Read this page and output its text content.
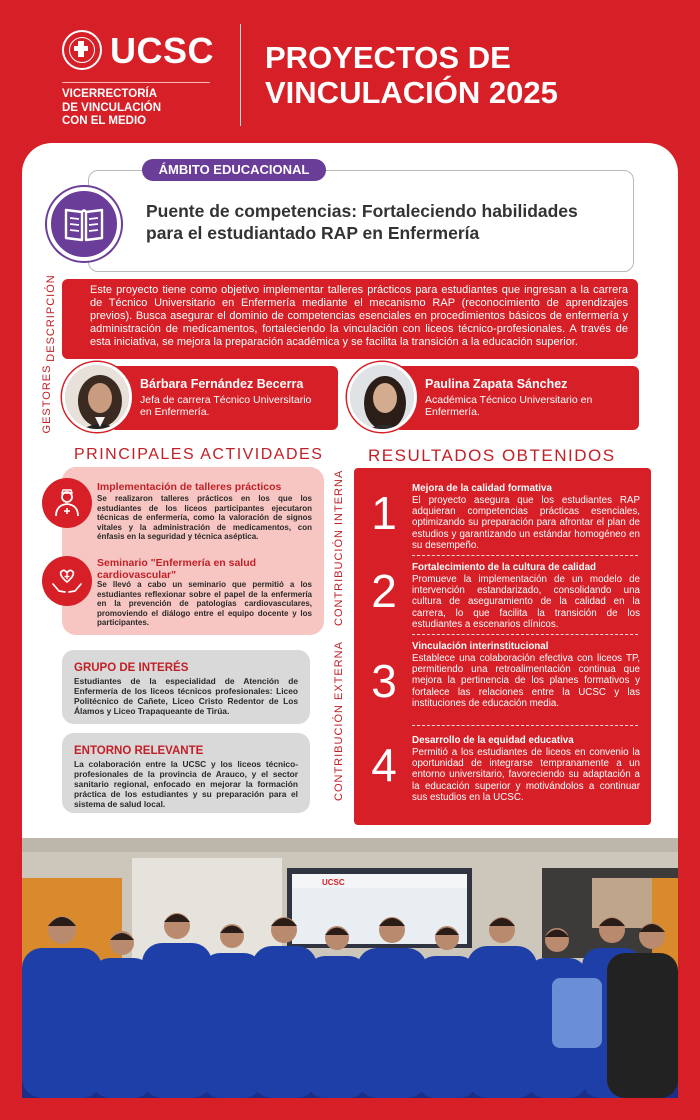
UCSC
VICERRECTORÍA
DE VINCULACIÓN
CON EL MEDIO
PROYECTOS DE
VINCULACIÓN 2025
ÁMBITO EDUCACIONAL
Puente de competencias: Fortaleciendo habilidades
para el estudiantado RAP en Enfermería
DESCRIPCIÓN	Este proyecto tiene como objetivo implementar talleres prácticos para estudiantes que ingresan a la carrera de Técnico Universitario en Enfermería mediante el mecanismo RAP (reconocimiento de aprendizajes previos). Busca asegurar el dominio de competencias esenciales en procedimientos básicos de enfermería y administración de medicamentos, fortaleciendo la vinculación con liceos técnico-profesionales. A través de esta iniciativa, se mejora la preparación académica y se facilita la transición a la educación superior.
GESTORES	Bárbara Fernández Becerra
Jefa de carrera Técnico Universitario
en Enfermería.
Paulina Zapata Sánchez
Académica Técnico Universitario en
Enfermería.
PRINCIPALES ACTIVIDADES
Implementación de talleres prácticos
Se realizaron talleres prácticos en los que los estudiantes de los liceos participantes ejecutaron técnicas de enfermería, como la valoración de signos vitales y la administración de medicamentos, con énfasis en la seguridad y técnica aséptica.
Seminario "Enfermería en salud
cardiovascular"
Se llevó a cabo un seminario que permitió a los estudiantes reflexionar sobre el papel de la enfermería en la prevención de patologías cardiovasculares, promoviendo el diálogo entre el equipo docente y los participantes.
GRUPO DE INTERÉS
Estudiantes de la especialidad de Atención de Enfermería de los liceos técnicos profesionales: Liceo Politécnico de Cañete, Liceo Cristo Redentor de Los Álamos y Liceo Trapaqueante de Tirúa.
ENTORNO RELEVANTE
La colaboración entre la UCSC y los liceos técnico-profesionales de la provincia de Arauco, y el sector sanitario regional, enfocado en mejorar la formación práctica de los estudiantes y su preparación para el sistema de salud local.
RESULTADOS OBTENIDOS
CONTRIBUCIÓN INTERNA
CONTRIBUCIÓN EXTERNA
1	Mejora de la calidad formativa
El proyecto asegura que los estudiantes RAP adquieran competencias prácticas esenciales, optimizando su preparación para afrontar el plan de estudios y garantizando un estándar homogéneo en su desempeño.
2	Fortalecimiento de la cultura de calidad
Promueve la implementación de un modelo de intervención estandarizado, consolidando una cultura de aseguramiento de la calidad en la carrera, lo que facilita la transición de los estudiantes a escenarios clínicos.
3
Vinculación interinstitucional
Establece una colaboración efectiva con liceos TP, permitiendo una retroalimentación continua que mejora la pertinencia de los planes formativos y fortalece las relaciones entre la UCSC y las instituciones de educación media.
4	Desarrollo de la equidad educativa
Permitió a los estudiantes de liceos en convenio la oportunidad de integrarse tempranamente a un entorno universitario, favoreciendo su adaptación a la educación superior y motivándolos a continuar sus estudios en la UCSC.
UCSC
